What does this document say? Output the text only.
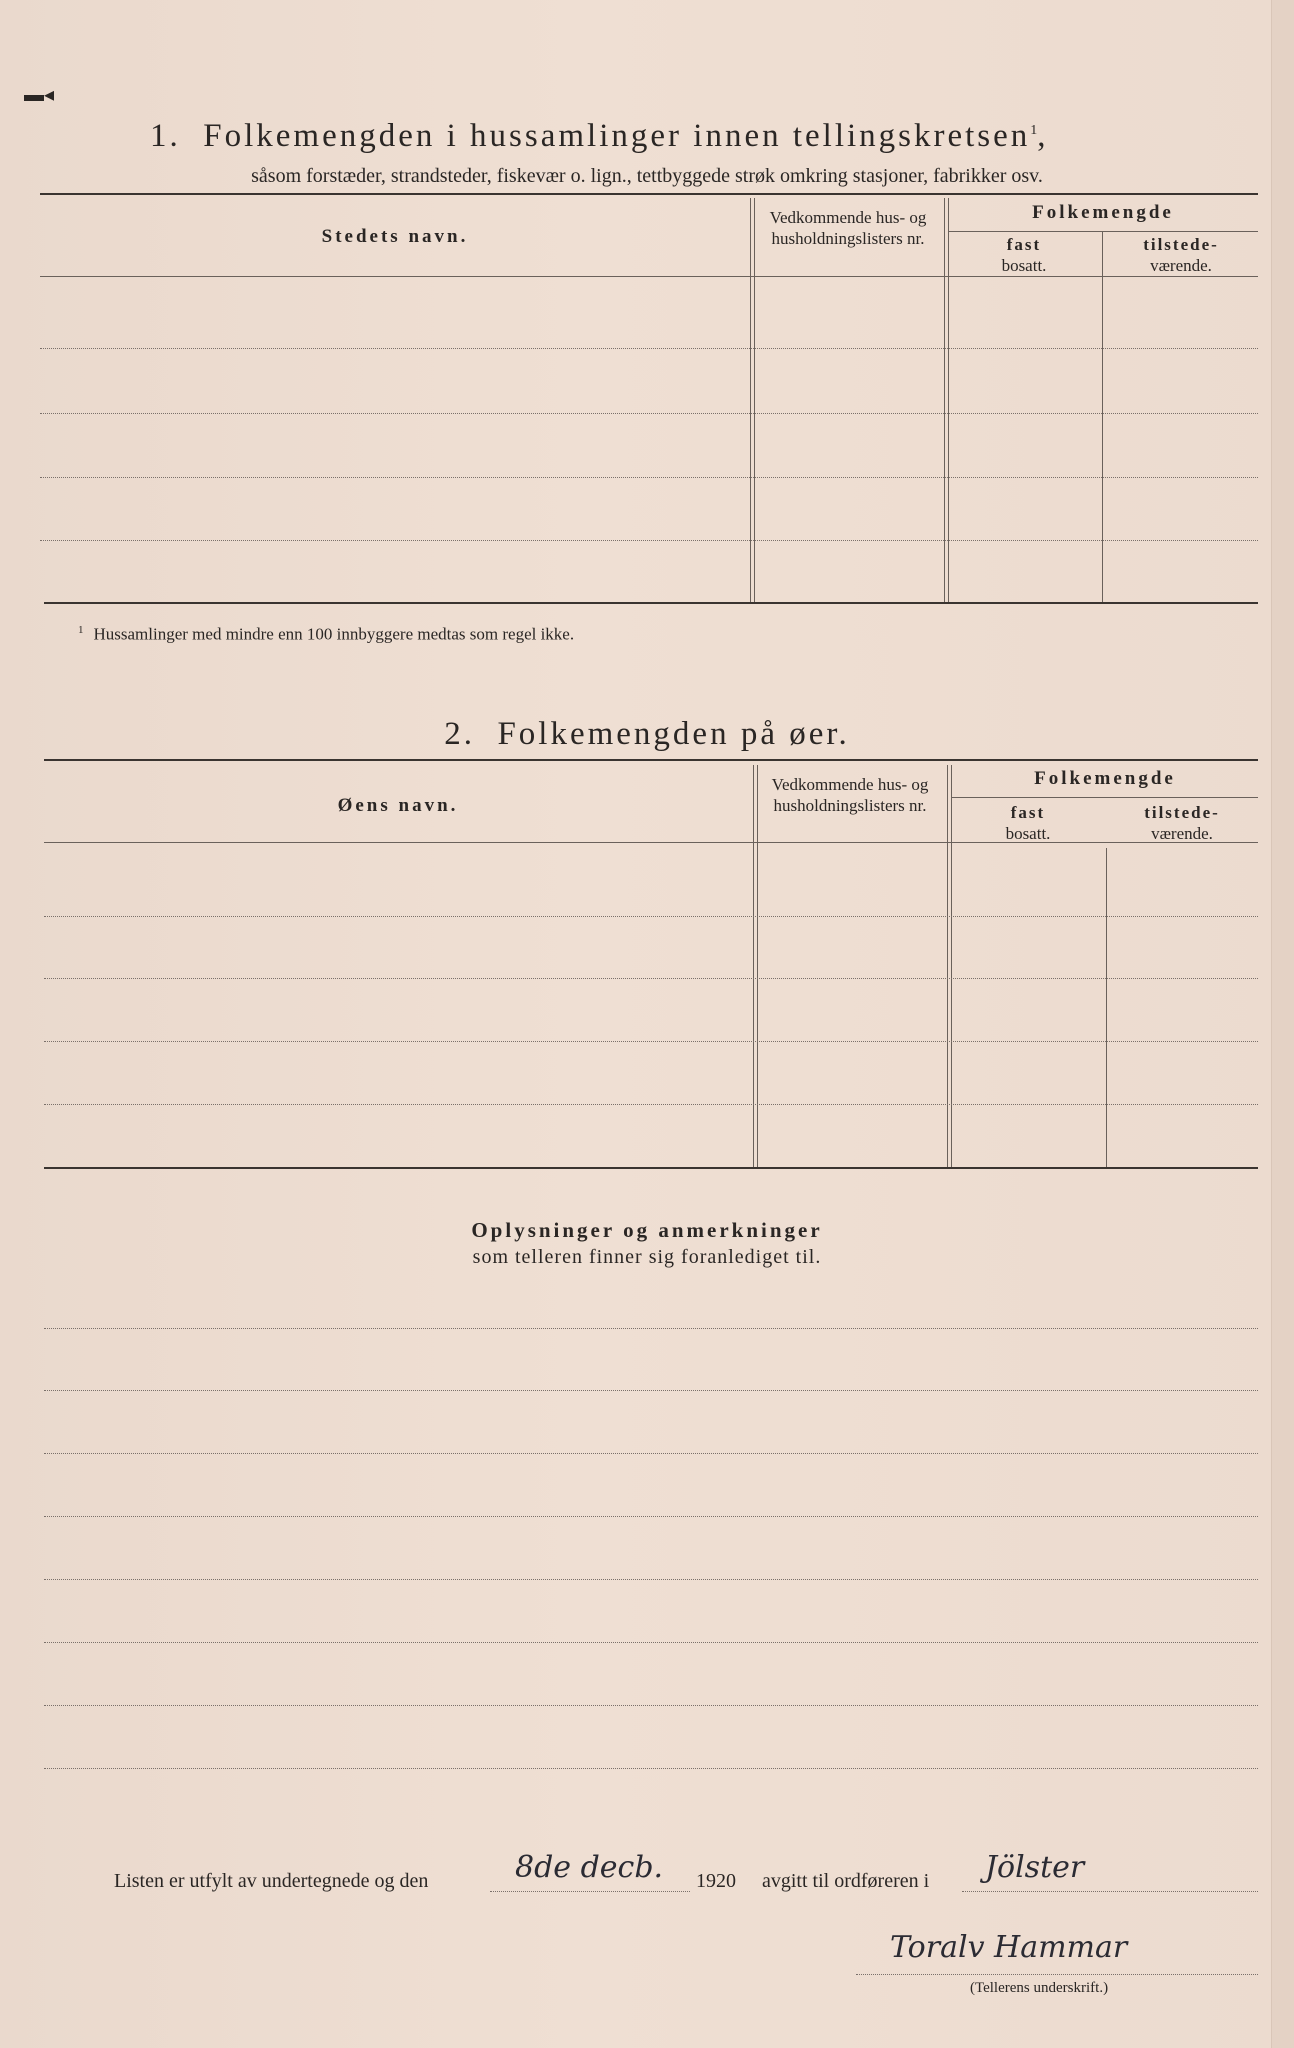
▬◂
1. Folkemengden i hussamlinger innen tellingskretsen$^1$,
såsom forstæder, strandsteder, fiskevær o. lign., tettbyggede strøk omkring stasjoner, fabrikker osv.
Stedets navn.
Vedkommende hus- og husholdningslisters nr.
Folkemengde
fast
bosatt.
tilstede-
værende.
$^1$ Hussamlinger med mindre enn 100 innbyggere medtas som regel ikke.
2. Folkemengden på øer.
Øens navn.
Vedkommende hus- og husholdningslisters nr.
Folkemengde
fast
bosatt.
tilstede-
værende.
Oplysninger og anmerkninger
som telleren finner sig foranlediget til.
Listen er utfylt av undertegnede og den	8de decb. 1920 avgitt til ordføreren i Jölster
Toralv Hammar
(Tellerens underskrift.)
